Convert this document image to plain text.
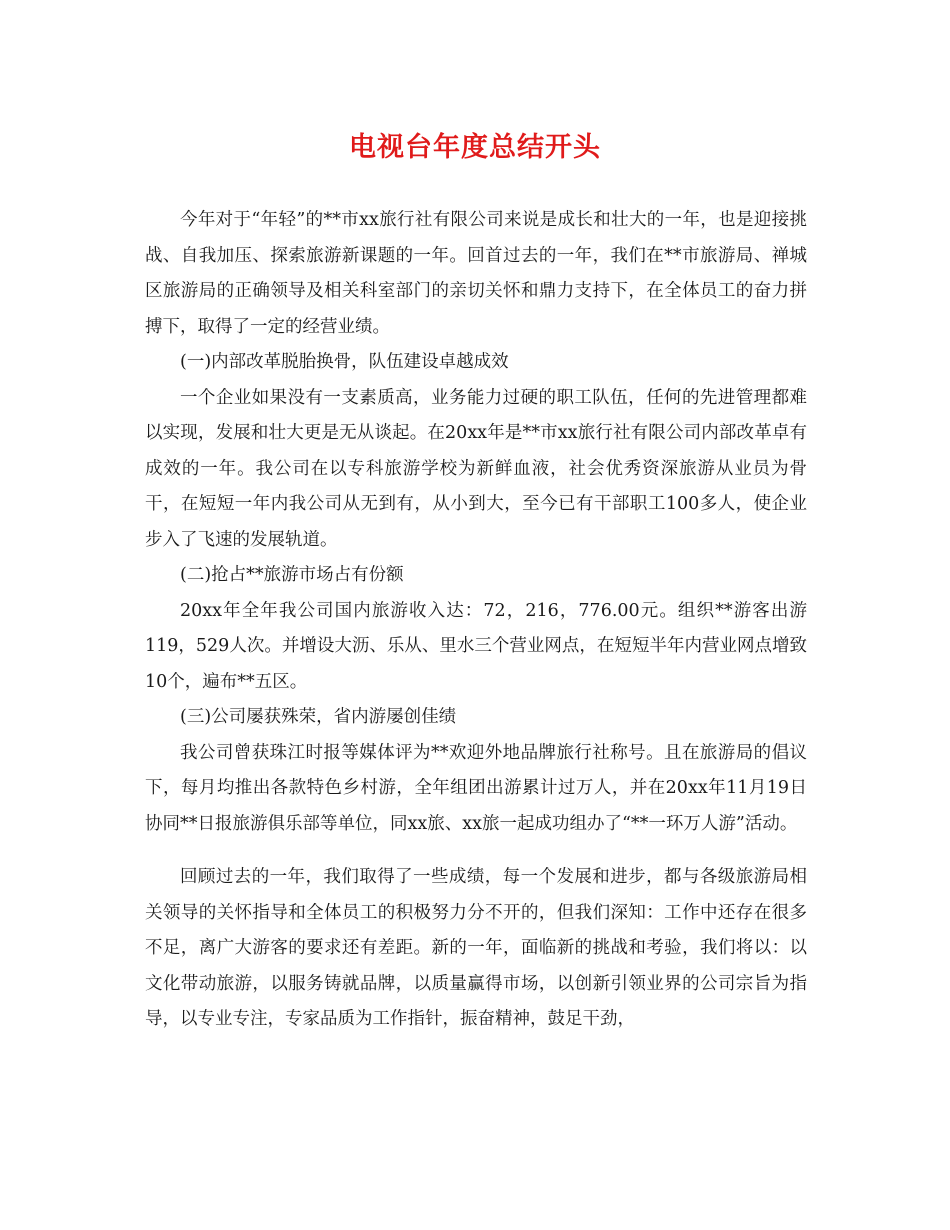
电视台年度总结开头

今年对于“年轻”的**市xx旅行社有限公司来说是成长和壮大的一年，也是迎接挑战、自我加压、探索旅游新课题的一年。回首过去的一年，我们在**市旅游局、禅城区旅游局的正确领导及相关科室部门的亲切关怀和鼎力支持下，在全体员工的奋力拼搏下，取得了一定的经营业绩。

(一)内部改革脱胎换骨，队伍建设卓越成效

一个企业如果没有一支素质高，业务能力过硬的职工队伍，任何的先进管理都难以实现，发展和壮大更是无从谈起。在20xx年是**市xx旅行社有限公司内部改革卓有成效的一年。我公司在以专科旅游学校为新鲜血液，社会优秀资深旅游从业员为骨干，在短短一年内我公司从无到有，从小到大，至今已有干部职工100多人，使企业步入了飞速的发展轨道。

(二)抢占**旅游市场占有份额

20xx年全年我公司国内旅游收入达：72，216，776.00元。组织**游客出游119，529人次。并增设大沥、乐从、里水三个营业网点，在短短半年内营业网点增致10个，遍布**五区。

(三)公司屡获殊荣，省内游屡创佳绩

我公司曾获珠江时报等媒体评为**欢迎外地品牌旅行社称号。且在旅游局的倡议下，每月均推出各款特色乡村游，全年组团出游累计过万人，并在20xx年11月19日协同**日报旅游俱乐部等单位，同xx旅、xx旅一起成功组办了“**一环万人游”活动。

回顾过去的一年，我们取得了一些成绩，每一个发展和进步，都与各级旅游局相关领导的关怀指导和全体员工的积极努力分不开的，但我们深知：工作中还存在很多不足，离广大游客的要求还有差距。新的一年，面临新的挑战和考验，我们将以：以文化带动旅游，以服务铸就品牌，以质量赢得市场，以创新引领业界的公司宗旨为指导，以专业专注，专家品质为工作指针，振奋精神，鼓足干劲，
